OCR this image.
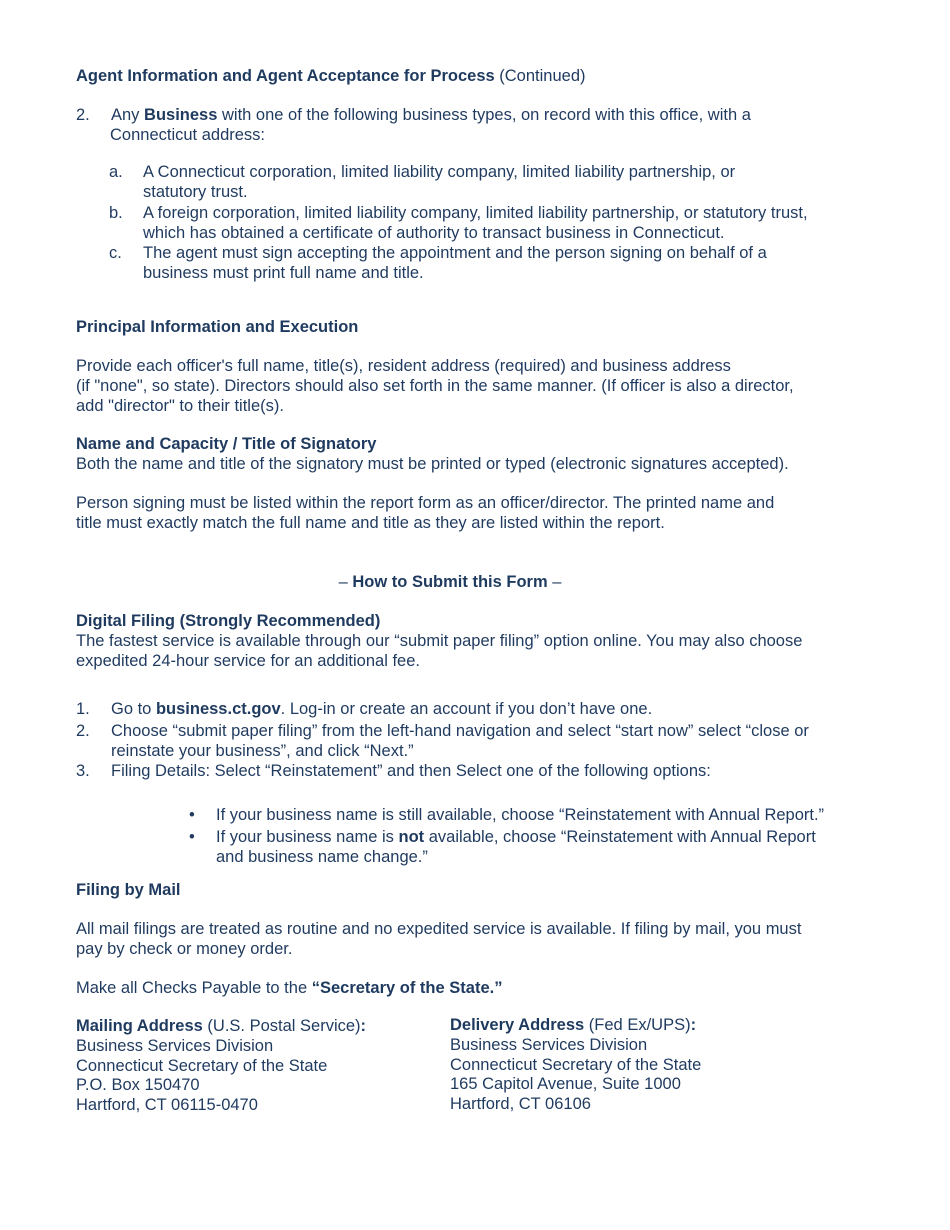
Agent Information and Agent Acceptance for Process (Continued)
2. Any Business with one of the following business types, on record with this office, with a
Connecticut address:
a. A Connecticut corporation, limited liability company, limited liability partnership, or
statutory trust.
b. A foreign corporation, limited liability company, limited liability partnership, or statutory trust,
which has obtained a certificate of authority to transact business in Connecticut.
c. The agent must sign accepting the appointment and the person signing on behalf of a
business must print full name and title.
Principal Information and Execution
Provide each officer's full name, title(s), resident address (required) and business address
(if "none", so state). Directors should also set forth in the same manner. (If officer is also a director,
add "director" to their title(s).
Name and Capacity / Title of Signatory
Both the name and title of the signatory must be printed or typed (electronic signatures accepted).
Person signing must be listed within the report form as an officer/director. The printed name and
title must exactly match the full name and title as they are listed within the report.
– How to Submit this Form –
Digital Filing (Strongly Recommended)
The fastest service is available through our “submit paper filing” option online. You may also choose
expedited 24-hour service for an additional fee.
1. Go to business.ct.gov. Log-in or create an account if you don’t have one.
2. Choose “submit paper filing” from the left-hand navigation and select “start now” select “close or
reinstate your business”, and click “Next.”
3. Filing Details: Select “Reinstatement” and then Select one of the following options:
• If your business name is still available, choose “Reinstatement with Annual Report.”
• If your business name is not available, choose “Reinstatement with Annual Report
and business name change.”
Filing by Mail
All mail filings are treated as routine and no expedited service is available. If filing by mail, you must
pay by check or money order.
Make all Checks Payable to the “Secretary of the State.”
Mailing Address (U.S. Postal Service):
Business Services Division
Connecticut Secretary of the State
P.O. Box 150470
Hartford, CT 06115-0470
Delivery Address (Fed Ex/UPS):
Business Services Division
Connecticut Secretary of the State
165 Capitol Avenue, Suite 1000
Hartford, CT 06106
